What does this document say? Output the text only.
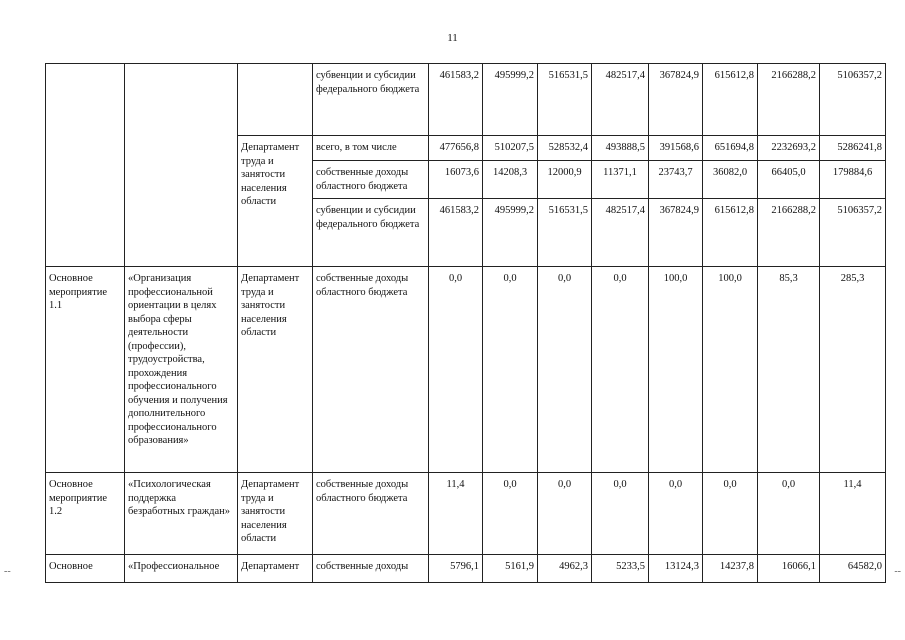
11
--	--
			субвенции и субсидии федерального бюджета	461583,2	495999,2	516531,5	482517,4	367824,9	615612,8	2166288,2	5106357,2
		Департамент труда и занятости населения области	всего, в том числе	477656,8	510207,5	528532,4	493888,5	391568,6	651694,8	2232693,2	5286241,8
			собственные доходы областного бюджета	16073,6	14208,3	12000,9	11371,1	23743,7	36082,0	66405,0	179884,6
			субвенции и субсидии федерального бюджета	461583,2	495999,2	516531,5	482517,4	367824,9	615612,8	2166288,2	5106357,2
Основное мероприятие 1.1	«Организация профессиональной ориентации в целях выбора сферы деятельности (профессии), трудоустройства, прохождения профессионального обучения и получения дополнительного профессионального образования»	Департамент труда и занятости населения области	собственные доходы областного бюджета	0,0	0,0	0,0	0,0	100,0	100,0	85,3	285,3
Основное мероприятие 1.2	«Психологическая поддержка безработных граждан»	Департамент труда и занятости населения области	собственные доходы областного бюджета	11,4	0,0	0,0	0,0	0,0	0,0	0,0	11,4
Основное	«Профессиональное	Департамент	собственные доходы	5796,1	5161,9	4962,3	5233,5	13124,3	14237,8	16066,1	64582,0
